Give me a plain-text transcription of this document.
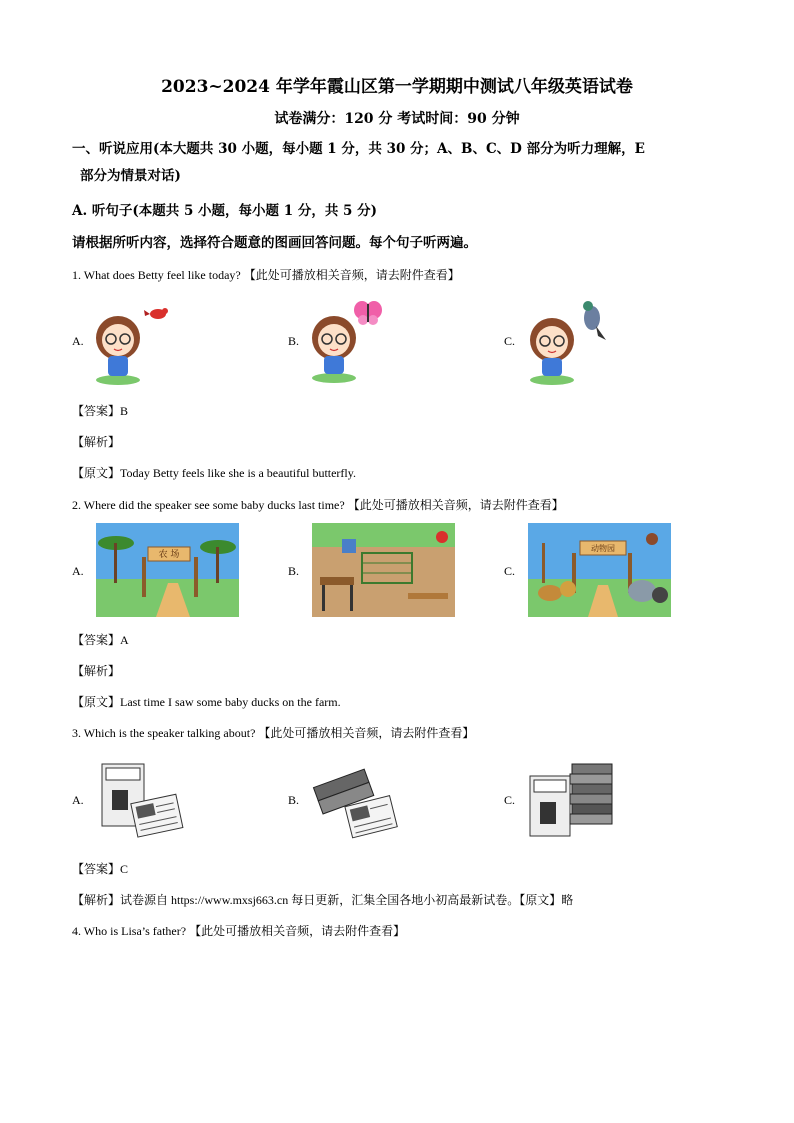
2023~2024 年学年霞山区第一学期期中测试八年级英语试卷
试卷满分：120 分 考试时间：90 分钟
一、听说应用(本大题共 30 小题，每小题 1 分，共 30 分；A、B、C、D 部分为听力理解，E
部分为情景对话)
A. 听句子(本题共 5 小题，每小题 1 分，共 5 分)
请根据所听内容，选择符合题意的图画回答问题。每个句子听两遍。
1. What does Betty feel like today? 【此处可播放相关音频，请去附件查看】
A.	B.	C.
【答案】B
【解析】
【原文】Today Betty feels like she is a beautiful butterfly.
2. Where did the speaker see some baby ducks last time? 【此处可播放相关音频，请去附件查看】
A.
农 场
B.	C.
动物园
【答案】A
【解析】
【原文】Last time I saw some baby ducks on the farm.
3. Which is the speaker talking about? 【此处可播放相关音频，请去附件查看】
A.	B.	C.
【答案】C
【解析】试卷源自 https://www.mxsj663.cn 每日更新，汇集全国各地小初高最新试卷。【原文】略
4. Who is Lisa’s father? 【此处可播放相关音频，请去附件查看】
